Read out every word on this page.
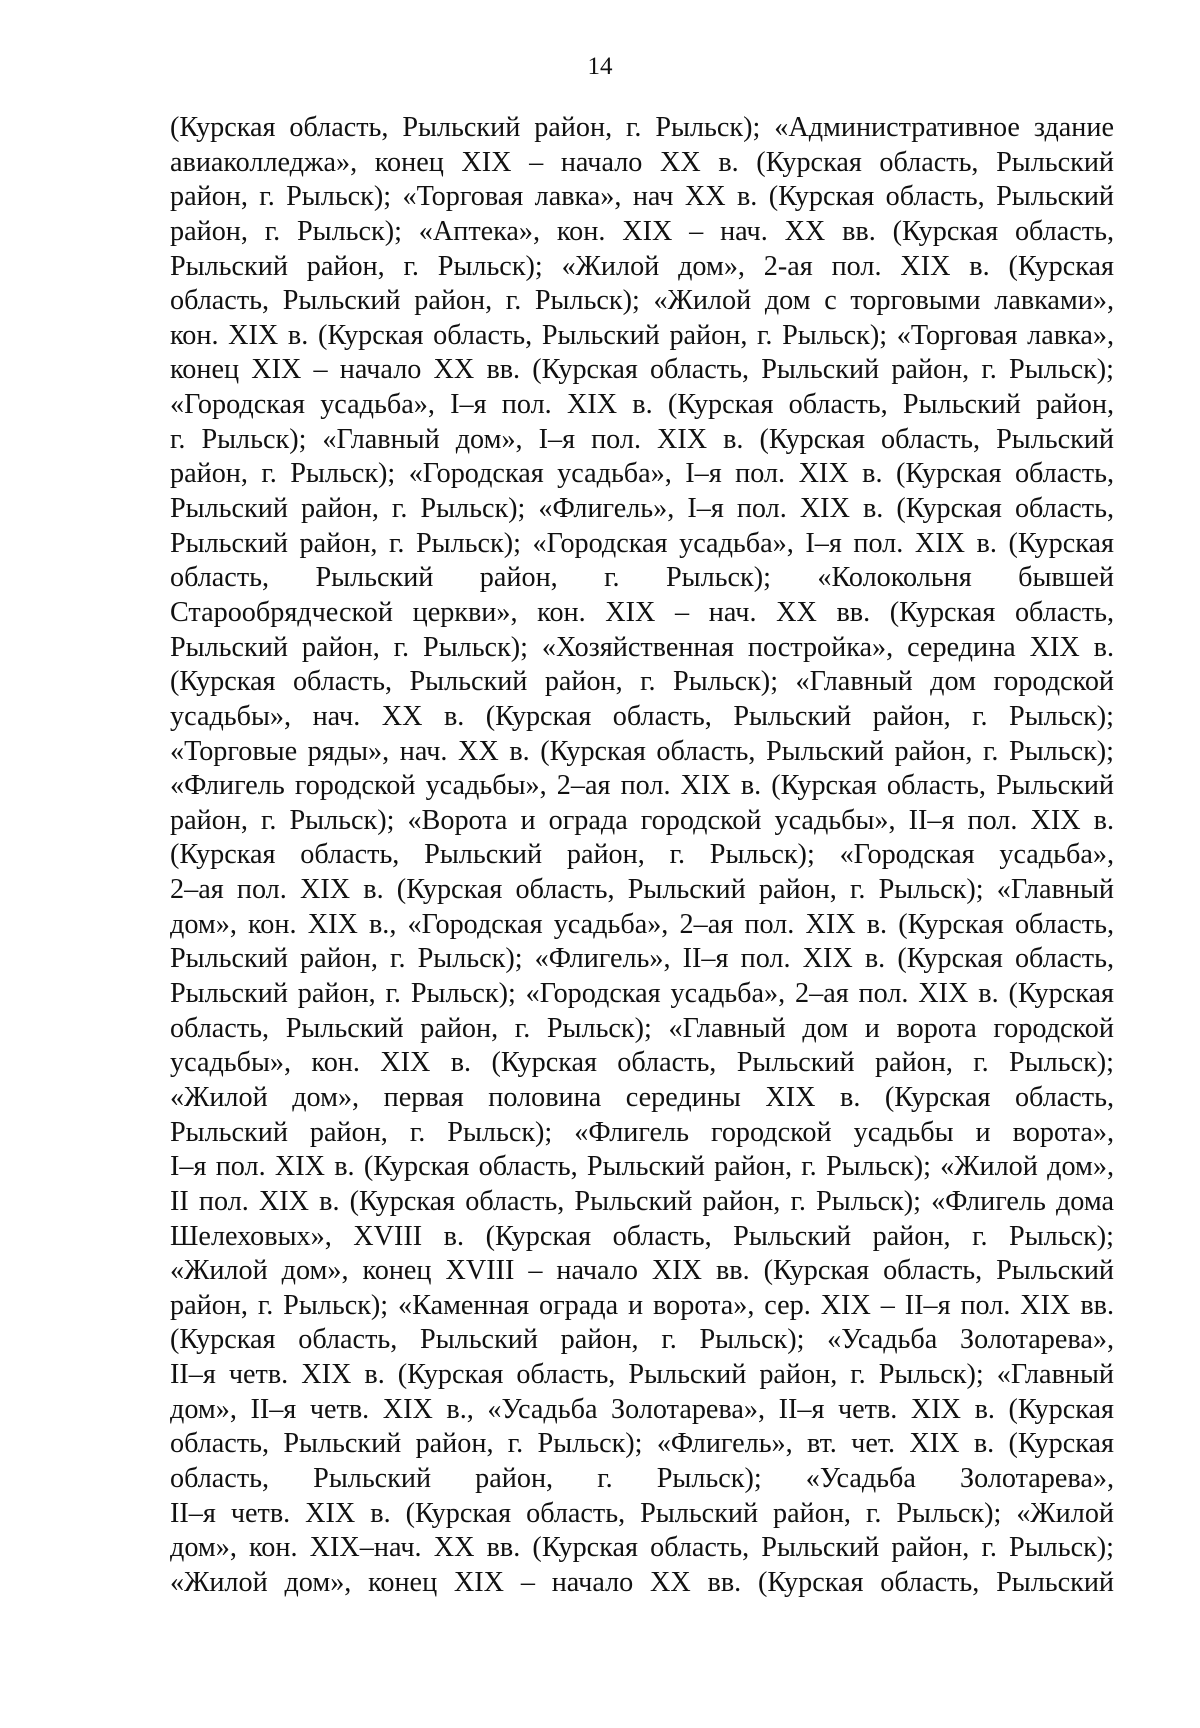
14
(Курская область, Рыльский район, г. Рыльск); «Административное здание
авиаколледжа», конец XIX – начало XX в. (Курская область, Рыльский
район, г. Рыльск); «Торговая лавка», нач XX в. (Курская область, Рыльский
район, г. Рыльск); «Аптека», кон. XIX – нач. XX вв. (Курская область,
Рыльский район, г. Рыльск); «Жилой дом», 2-ая пол. XIX в. (Курская
область, Рыльский район, г. Рыльск); «Жилой дом с торговыми лавками»,
кон. XIX в. (Курская область, Рыльский район, г. Рыльск); «Торговая лавка»,
конец XIX – начало XX вв. (Курская область, Рыльский район, г. Рыльск);
«Городская усадьба», I–я пол. XIX в. (Курская область, Рыльский район,
г. Рыльск); «Главный дом», I–я пол. XIX в. (Курская область, Рыльский
район, г. Рыльск); «Городская усадьба», I–я пол. XIX в. (Курская область,
Рыльский район, г. Рыльск); «Флигель», I–я пол. XIX в. (Курская область,
Рыльский район, г. Рыльск); «Городская усадьба», I–я пол. XIX в. (Курская
область, Рыльский район, г. Рыльск); «Колокольня бывшей
Старообрядческой церкви», кон. XIX – нач. XX вв. (Курская область,
Рыльский район, г. Рыльск); «Хозяйственная постройка», середина XIX в.
(Курская область, Рыльский район, г. Рыльск); «Главный дом городской
усадьбы», нач. XX в. (Курская область, Рыльский район, г. Рыльск);
«Торговые ряды», нач. XX в. (Курская область, Рыльский район, г. Рыльск);
«Флигель городской усадьбы», 2–ая пол. XIX в. (Курская область, Рыльский
район, г. Рыльск); «Ворота и ограда городской усадьбы», II–я пол. XIX в.
(Курская область, Рыльский район, г. Рыльск); «Городская усадьба»,
2–ая пол. XIX в. (Курская область, Рыльский район, г. Рыльск); «Главный
дом», кон. XIX в., «Городская усадьба», 2–ая пол. XIX в. (Курская область,
Рыльский район, г. Рыльск); «Флигель», II–я пол. XIX в. (Курская область,
Рыльский район, г. Рыльск); «Городская усадьба», 2–ая пол. XIX в. (Курская
область, Рыльский район, г. Рыльск); «Главный дом и ворота городской
усадьбы», кон. XIX в. (Курская область, Рыльский район, г. Рыльск);
«Жилой дом», первая половина середины XIX в. (Курская область,
Рыльский район, г. Рыльск); «Флигель городской усадьбы и ворота»,
I–я пол. XIX в. (Курская область, Рыльский район, г. Рыльск); «Жилой дом»,
II пол. XIX в. (Курская область, Рыльский район, г. Рыльск); «Флигель дома
Шелеховых», XVIII в. (Курская область, Рыльский район, г. Рыльск);
«Жилой дом», конец XVIII – начало XIX вв. (Курская область, Рыльский
район, г. Рыльск); «Каменная ограда и ворота», сер. XIX – II–я пол. XIX вв.
(Курская область, Рыльский район, г. Рыльск); «Усадьба Золотарева»,
II–я четв. XIX в. (Курская область, Рыльский район, г. Рыльск); «Главный
дом», II–я четв. XIX в., «Усадьба Золотарева», II–я четв. XIX в. (Курская
область, Рыльский район, г. Рыльск); «Флигель», вт. чет. XIX в. (Курская
область, Рыльский район, г. Рыльск); «Усадьба Золотарева»,
II–я четв. XIX в. (Курская область, Рыльский район, г. Рыльск); «Жилой
дом», кон. XIX–нач. XX вв. (Курская область, Рыльский район, г. Рыльск);
«Жилой дом», конец XIX – начало XX вв. (Курская область, Рыльский
